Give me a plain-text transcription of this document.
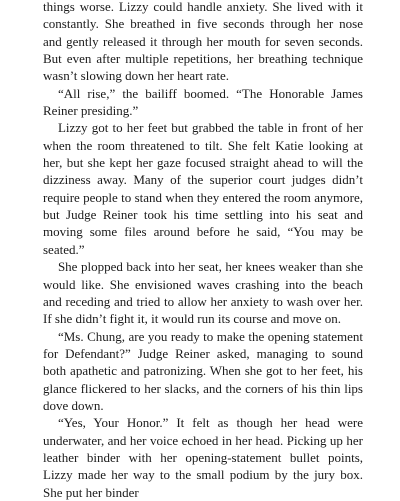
things worse. Lizzy could handle anxiety. She lived with it constantly. She breathed in five seconds through her nose and gently released it through her mouth for seven seconds. But even after multiple repetitions, her breathing technique wasn’t slowing down her heart rate.

“All rise,” the bailiff boomed. “The Honorable James Reiner presiding.”

Lizzy got to her feet but grabbed the table in front of her when the room threatened to tilt. She felt Katie looking at her, but she kept her gaze focused straight ahead to will the dizziness away. Many of the superior court judges didn’t require people to stand when they entered the room anymore, but Judge Reiner took his time settling into his seat and moving some files around before he said, “You may be seated.”

She plopped back into her seat, her knees weaker than she would like. She envisioned waves crashing into the beach and receding and tried to allow her anxiety to wash over her. If she didn’t fight it, it would run its course and move on.

“Ms. Chung, are you ready to make the opening statement for Defendant?” Judge Reiner asked, managing to sound both apathetic and patronizing. When she got to her feet, his glance flickered to her slacks, and the corners of his thin lips dove down.

“Yes, Your Honor.” It felt as though her head were underwater, and her voice echoed in her head. Picking up her leather binder with her opening-statement bullet points, Lizzy made her way to the small podium by the jury box. She put her binder
